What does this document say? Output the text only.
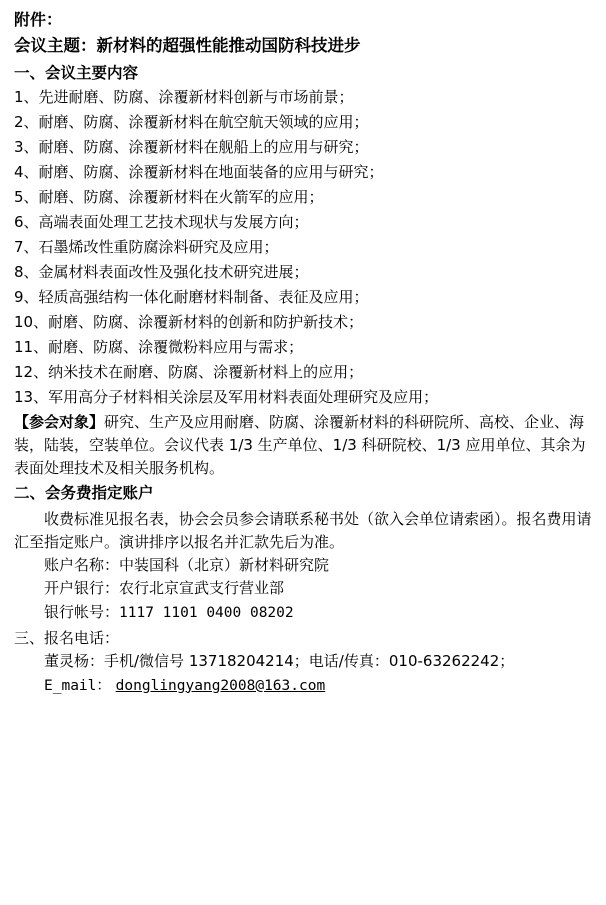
附件：
会议主题：新材料的超强性能推动国防科技进步
一、会议主要内容
1、先进耐磨、防腐、涂覆新材料创新与市场前景；
2、耐磨、防腐、涂覆新材料在航空航天领域的应用；
3、耐磨、防腐、涂覆新材料在舰船上的应用与研究；
4、耐磨、防腐、涂覆新材料在地面装备的应用与研究；
5、耐磨、防腐、涂覆新材料在火箭军的应用；
6、高端表面处理工艺技术现状与发展方向；
7、石墨烯改性重防腐涂料研究及应用；
8、金属材料表面改性及强化技术研究进展；
9、轻质高强结构一体化耐磨材料制备、表征及应用；
10、耐磨、防腐、涂覆新材料的创新和防护新技术；
11、耐磨、防腐、涂覆微粉料应用与需求；
12、纳米技术在耐磨、防腐、涂覆新材料上的应用；
13、军用高分子材料相关涂层及军用材料表面处理研究及应用；
【参会对象】研究、生产及应用耐磨、防腐、涂覆新材料的科研院所、高校、企业、海装，陆装，空装单位。会议代表 1/3 生产单位、1/3 科研院校、1/3 应用单位、其余为表面处理技术及相关服务机构。
二、会务费指定账户
收费标准见报名表，协会会员参会请联系秘书处（欲入会单位请索函）。报名费用请汇至指定账户。演讲排序以报名并汇款先后为准。
账户名称：中装国科（北京）新材料研究院
开户银行：农行北京宣武支行营业部
银行帐号：1117 1101 0400 08202
三、报名电话：
董灵杨：手机/微信号 13718204214；电话/传真：010-63262242；
E_mail： donglingyang2008@163.com
